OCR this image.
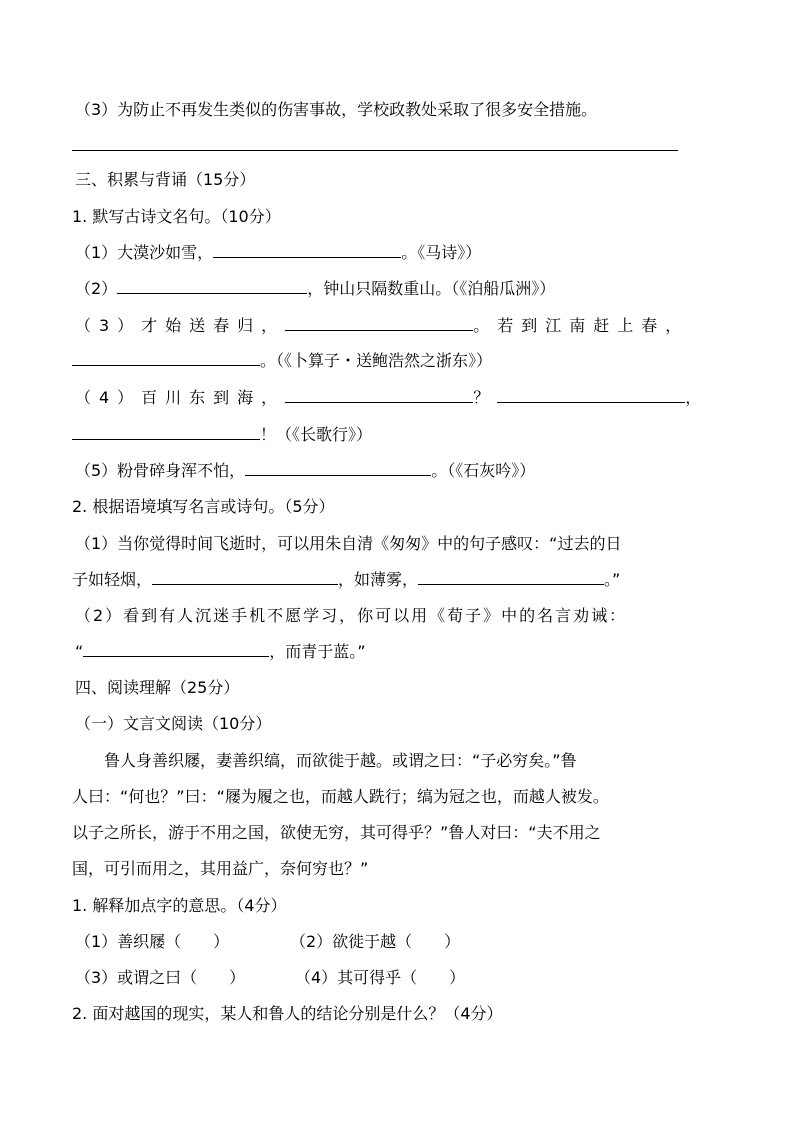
（3）为防止不再发生类似的伤害事故，学校政教处采取了很多安全措施。
三、积累与背诵（15分）
1. 默写古诗文名句。（10分）
（1）大漠沙如雪，	。《马诗》）
（2）	，钟山只隔数重山。（《泊船瓜洲》）
（3）才始送春归，	。若到江南赶上春，
。（《卜算子・送鲍浩然之浙东》）
（4）百川东到海，	？	，
！（《长歌行》）
（5）粉骨碎身浑不怕，	。（《石灰吟》）
2. 根据语境填写名言或诗句。（5分）
（1）当你觉得时间飞逝时，可以用朱自清《匆匆》中的句子感叹：“过去的日
子如轻烟，	，如薄雾，	。”
（2）看到有人沉迷手机不愿学习，你可以用《荀子》中的名言劝诫：
“	，而青于蓝。”
四、阅读理解（25分）
（一）文言文阅读（10分）
鲁人身善织屦，妻善织缟，而欲徙于越。或谓之曰：“子必穷矣。”鲁
人曰：“何也？”曰：“屦为履之也，而越人跣行；缟为冠之也，而越人被发。
以子之所长，游于不用之国，欲使无穷，其可得乎？”鲁人对曰：“夫不用之
国，可引而用之，其用益广，奈何穷也？”
1. 解释加点字的意思。（4分）
（1）善织屦（　　）	（2）欲徙于越（　　）
（3）或谓之曰（　　）	（4）其可得乎（　　）
2. 面对越国的现实，某人和鲁人的结论分别是什么？（4分）
